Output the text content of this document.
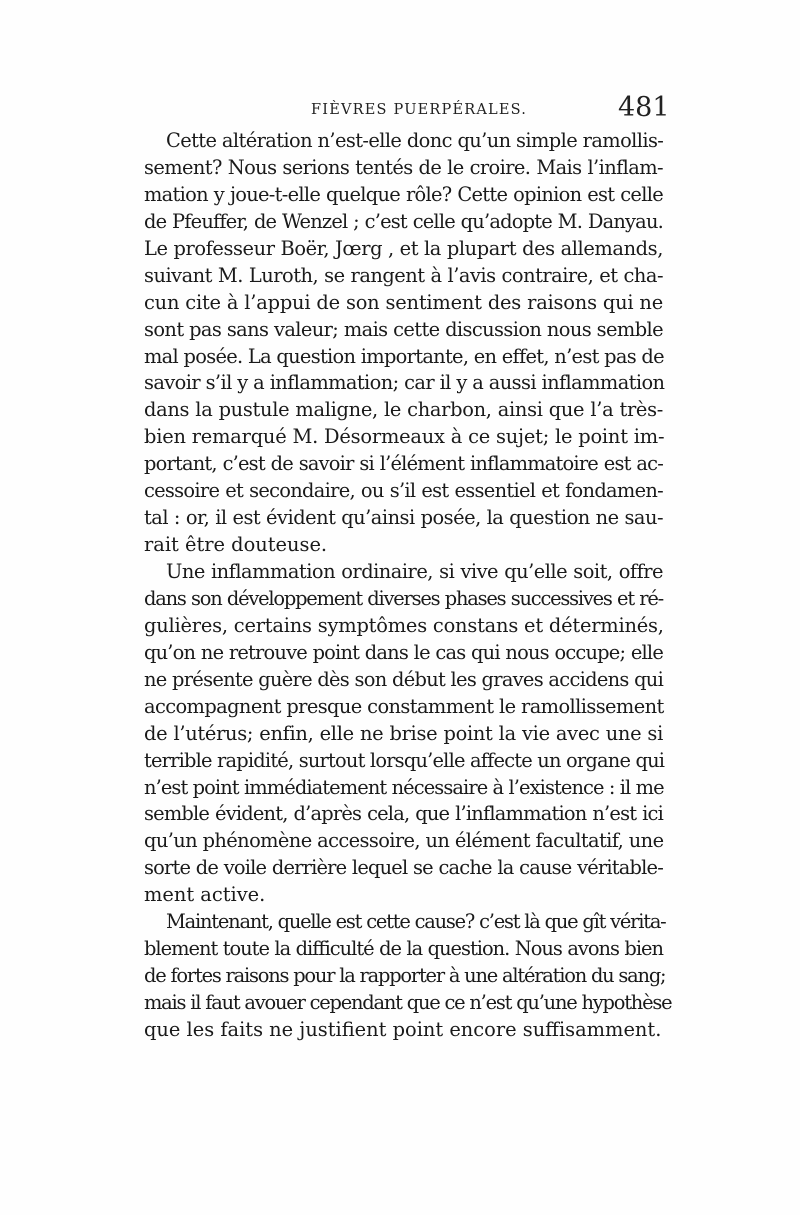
FIÈVRES PUERPÉRALES.	481
Cette altération n’est-elle donc qu’un simple ramollis-
sement? Nous serions tentés de le croire. Mais l’inflam-
mation y joue-t-elle quelque rôle? Cette opinion est celle
de Pfeuffer, de Wenzel ; c’est celle qu’adopte M. Danyau.
Le professeur Boër, Jœrg , et la plupart des allemands,
suivant M. Luroth, se rangent à l’avis contraire, et cha-
cun cite à l’appui de son sentiment des raisons qui ne
sont pas sans valeur; mais cette discussion nous semble
mal posée. La question importante, en effet, n’est pas de
savoir s’il y a inflammation; car il y a aussi inflammation
dans la pustule maligne, le charbon, ainsi que l’a très-
bien remarqué M. Désormeaux à ce sujet; le point im-
portant, c’est de savoir si l’élément inflammatoire est ac-
cessoire et secondaire, ou s’il est essentiel et fondamen-
tal : or, il est évident qu’ainsi posée, la question ne sau-
rait être douteuse.
Une inflammation ordinaire, si vive qu’elle soit, offre
dans son développement diverses phases successives et ré-
gulières, certains symptômes constans et déterminés,
qu’on ne retrouve point dans le cas qui nous occupe; elle
ne présente guère dès son début les graves accidens qui
accompagnent presque constamment le ramollissement
de l’utérus; enfin, elle ne brise point la vie avec une si
terrible rapidité, surtout lorsqu’elle affecte un organe qui
n’est point immédiatement nécessaire à l’existence : il me
semble évident, d’après cela, que l’inflammation n’est ici
qu’un phénomène accessoire, un élément facultatif, une
sorte de voile derrière lequel se cache la cause véritable-
ment active.
Maintenant, quelle est cette cause? c’est là que gît vérita-
blement toute la difficulté de la question. Nous avons bien
de fortes raisons pour la rapporter à une altération du sang;
mais il faut avouer cependant que ce n’est qu’une hypothèse
que les faits ne justifient point encore suffisamment.
